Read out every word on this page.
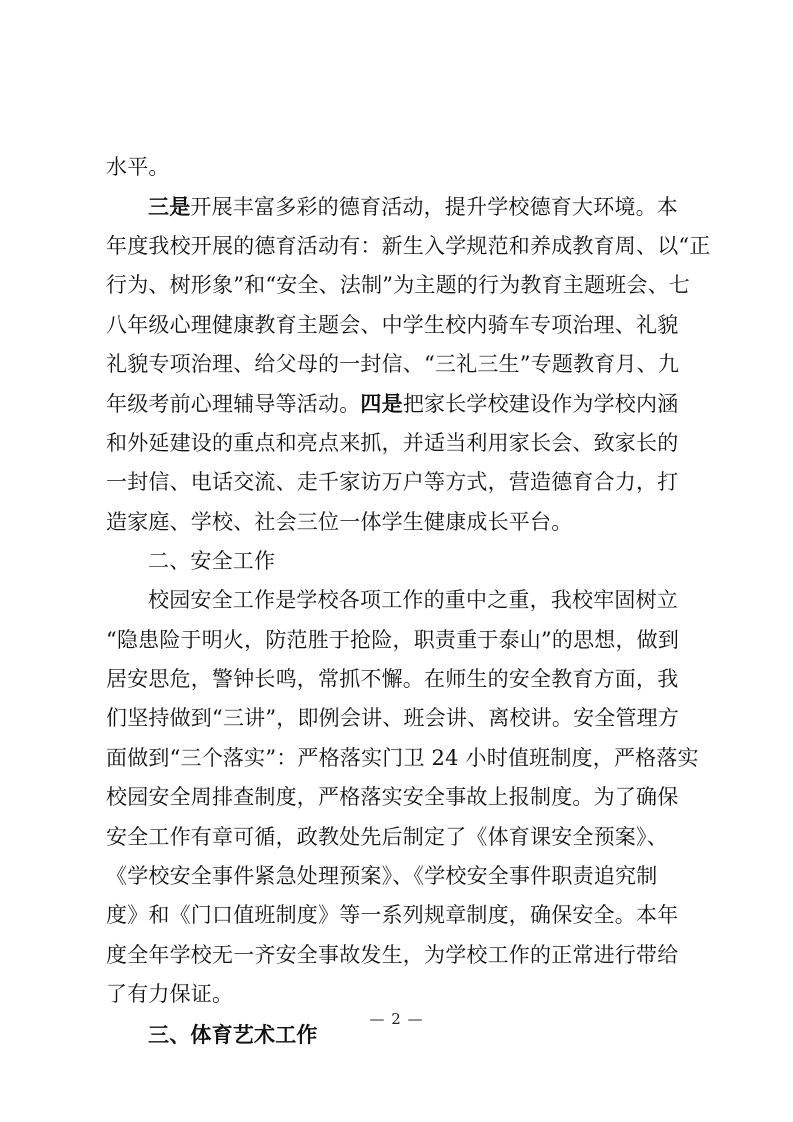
水平。
三是开展丰富多彩的德育活动，提升学校德育大环境。本
年度我校开展的德育活动有：新生入学规范和养成教育周、以“正
行为、树形象”和“安全、法制”为主题的行为教育主题班会、七
八年级心理健康教育主题会、中学生校内骑车专项治理、礼貌
礼貌专项治理、给父母的一封信、“三礼三生”专题教育月、九
年级考前心理辅导等活动。四是把家长学校建设作为学校内涵
和外延建设的重点和亮点来抓，并适当利用家长会、致家长的
一封信、电话交流、走千家访万户等方式，营造德育合力，打
造家庭、学校、社会三位一体学生健康成长平台。
二、安全工作
校园安全工作是学校各项工作的重中之重，我校牢固树立
“隐患险于明火，防范胜于抢险，职责重于泰山”的思想，做到
居安思危，警钟长鸣，常抓不懈。在师生的安全教育方面，我
们坚持做到“三讲”，即例会讲、班会讲、离校讲。安全管理方
面做到“三个落实”：严格落实门卫 24 小时值班制度，严格落实
校园安全周排查制度，严格落实安全事故上报制度。为了确保
安全工作有章可循，政教处先后制定了《体育课安全预案》、
《学校安全事件紧急处理预案》、《学校安全事件职责追究制
度》和《门口值班制度》等一系列规章制度，确保安全。本年
度全年学校无一齐安全事故发生，为学校工作的正常进行带给
了有力保证。
三、体育艺术工作
— 2 —
